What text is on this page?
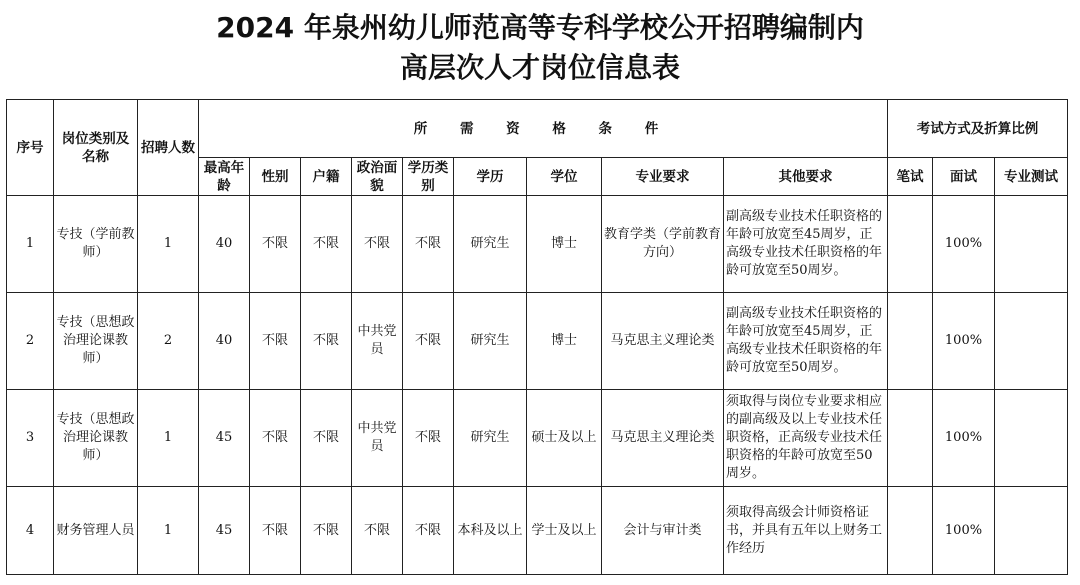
2024 年泉州幼儿师范高等专科学校公开招聘编制内
高层次人才岗位信息表
序号	岗位类别及名称	招聘人数	所 需 资 格 条 件									考试方式及折算比例		
			最高年龄	性别	户籍	政治面貌	学历类别	学历	学位	专业要求	其他要求	笔试	面试	专业测试
1	专技（学前教师）	1	40	不限	不限	不限	不限	研究生	博士	教育学类（学前教育方向）	副高级专业技术任职资格的年龄可放宽至45周岁，正高级专业技术任职资格的年龄可放宽至50周岁。		100%	
2	专技（思想政治理论课教师）	2	40	不限	不限	中共党员	不限	研究生	博士	马克思主义理论类	副高级专业技术任职资格的年龄可放宽至45周岁，正高级专业技术任职资格的年龄可放宽至50周岁。		100%	
3	专技（思想政治理论课教师）	1	45	不限	不限	中共党员	不限	研究生	硕士及以上	马克思主义理论类	须取得与岗位专业要求相应的副高级及以上专业技术任职资格，正高级专业技术任职资格的年龄可放宽至50周岁。		100%	
4	财务管理人员	1	45	不限	不限	不限	不限	本科及以上	学士及以上	会计与审计类	须取得高级会计师资格证书，并具有五年以上财务工作经历		100%	
